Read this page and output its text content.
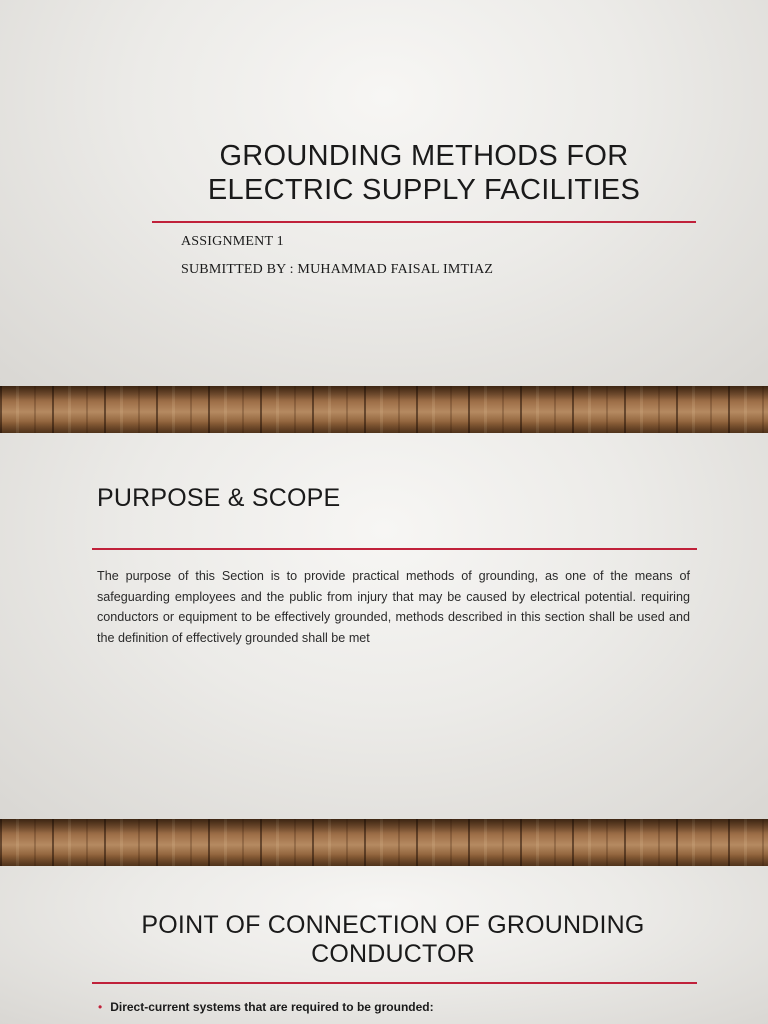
GROUNDING METHODS FOR
ELECTRIC SUPPLY FACILITIES

ASSIGNMENT 1

SUBMITTED BY : MUHAMMAD FAISAL IMTIAZ

PURPOSE & SCOPE

The purpose of this Section is to provide practical methods of grounding, as one of the means of safeguarding employees and the public from injury that may be caused by electrical potential. requiring conductors or equipment to be effectively grounded, methods described in this section shall be used and the definition of effectively grounded shall be met

POINT OF CONNECTION OF GROUNDING
CONDUCTOR

• Direct-current systems that are required to be grounded:
